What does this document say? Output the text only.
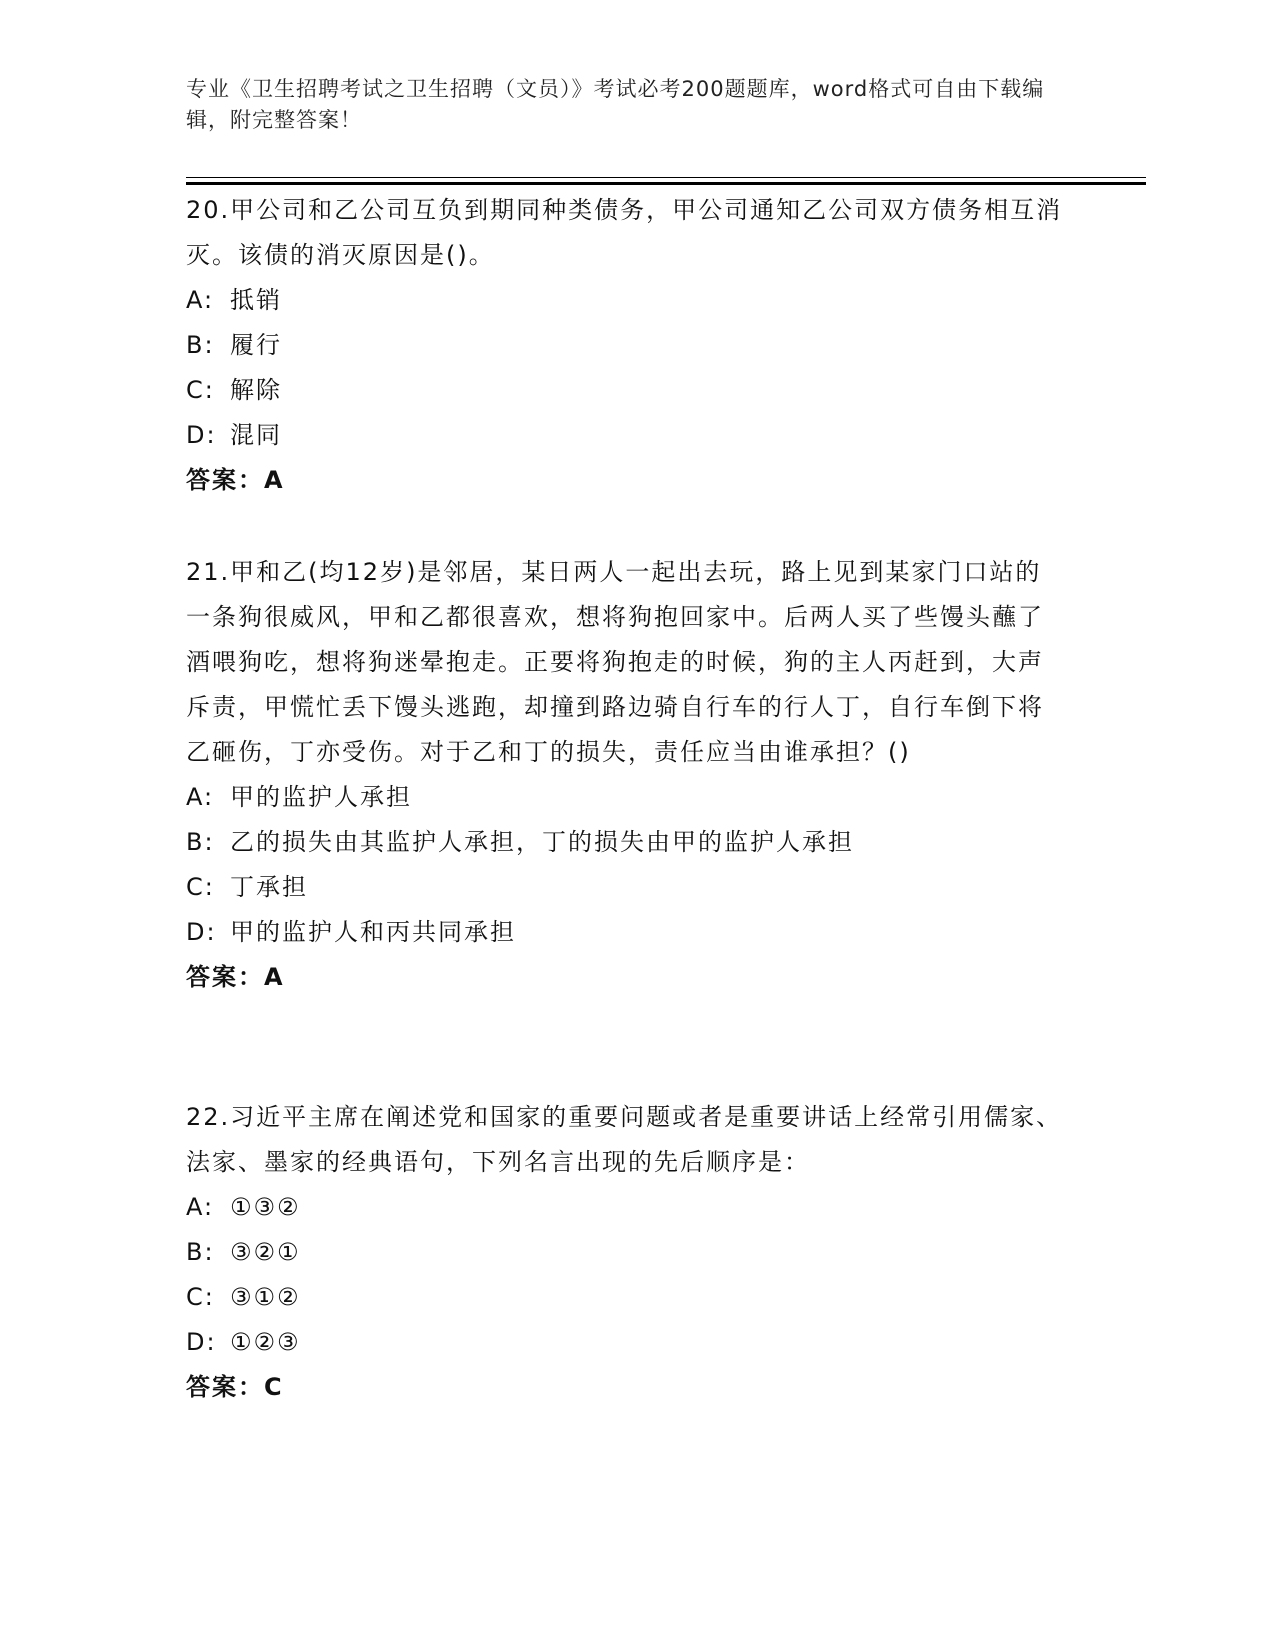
专业《卫生招聘考试之卫生招聘（文员）》考试必考200题题库，word格式可自由下载编辑，附完整答案！

20.甲公司和乙公司互负到期同种类债务，甲公司通知乙公司双方债务相互消灭。该债的消灭原因是()。

A: 抵销

B: 履行

C: 解除

D: 混同

答案：A

21.甲和乙(均12岁)是邻居，某日两人一起出去玩，路上见到某家门口站的一条狗很威风，甲和乙都很喜欢，想将狗抱回家中。后两人买了些馒头蘸了酒喂狗吃，想将狗迷晕抱走。正要将狗抱走的时候，狗的主人丙赶到，大声斥责，甲慌忙丢下馒头逃跑，却撞到路边骑自行车的行人丁，自行车倒下将乙砸伤，丁亦受伤。对于乙和丁的损失，责任应当由谁承担？()

A: 甲的监护人承担

B: 乙的损失由其监护人承担，丁的损失由甲的监护人承担

C: 丁承担

D: 甲的监护人和丙共同承担

答案：A

22.习近平主席在阐述党和国家的重要问题或者是重要讲话上经常引用儒家、法家、墨家的经典语句，下列名言出现的先后顺序是：

A: ①③②

B: ③②①

C: ③①②

D: ①②③

答案：C
